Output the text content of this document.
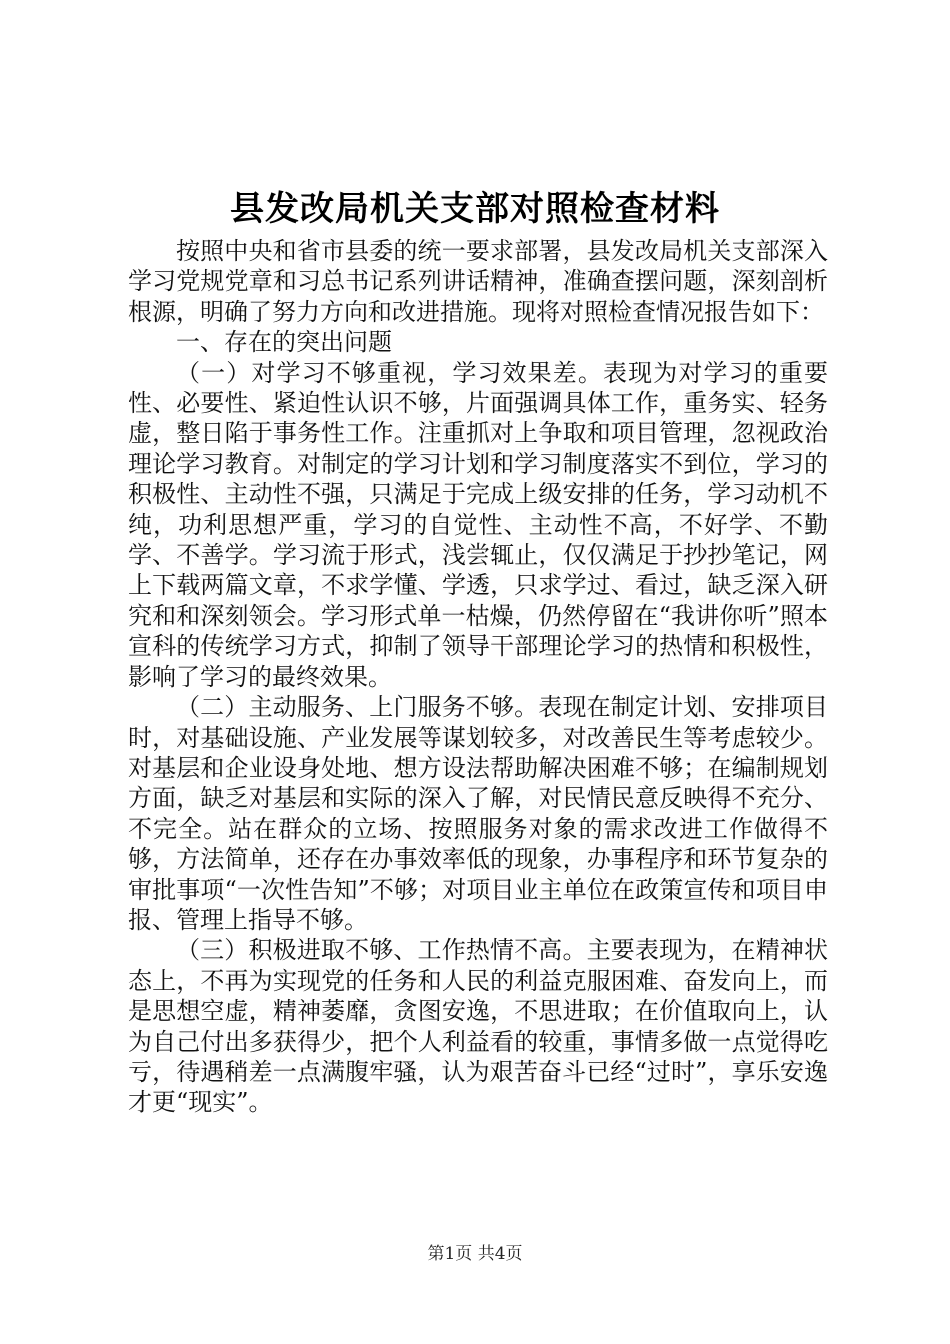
县发改局机关支部对照检查材料

按照中央和省市县委的统一要求部署，县发改局机关支部深入学习党规党章和习总书记系列讲话精神，准确查摆问题，深刻剖析根源，明确了努力方向和改进措施。现将对照检查情况报告如下：

一、存在的突出问题

（一）对学习不够重视，学习效果差。表现为对学习的重要性、必要性、紧迫性认识不够，片面强调具体工作，重务实、轻务虚，整日陷于事务性工作。注重抓对上争取和项目管理，忽视政治理论学习教育。对制定的学习计划和学习制度落实不到位，学习的积极性、主动性不强，只满足于完成上级安排的任务，学习动机不纯，功利思想严重，学习的自觉性、主动性不高，不好学、不勤学、不善学。学习流于形式，浅尝辄止，仅仅满足于抄抄笔记，网上下载两篇文章，不求学懂、学透，只求学过、看过，缺乏深入研究和和深刻领会。学习形式单一枯燥，仍然停留在“我讲你听”照本宣科的传统学习方式，抑制了领导干部理论学习的热情和积极性，影响了学习的最终效果。

（二）主动服务、上门服务不够。表现在制定计划、安排项目时，对基础设施、产业发展等谋划较多，对改善民生等考虑较少。对基层和企业设身处地、想方设法帮助解决困难不够；在编制规划方面，缺乏对基层和实际的深入了解，对民情民意反映得不充分、不完全。站在群众的立场、按照服务对象的需求改进工作做得不够，方法简单，还存在办事效率低的现象，办事程序和环节复杂的审批事项“一次性告知”不够；对项目业主单位在政策宣传和项目申报、管理上指导不够。

（三）积极进取不够、工作热情不高。主要表现为，在精神状态上，不再为实现党的任务和人民的利益克服困难、奋发向上，而是思想空虚，精神萎靡，贪图安逸，不思进取；在价值取向上，认为自己付出多获得少，把个人利益看的较重，事情多做一点觉得吃亏，待遇稍差一点满腹牢骚，认为艰苦奋斗已经“过时”，享乐安逸才更“现实”。

第1页 共4页
